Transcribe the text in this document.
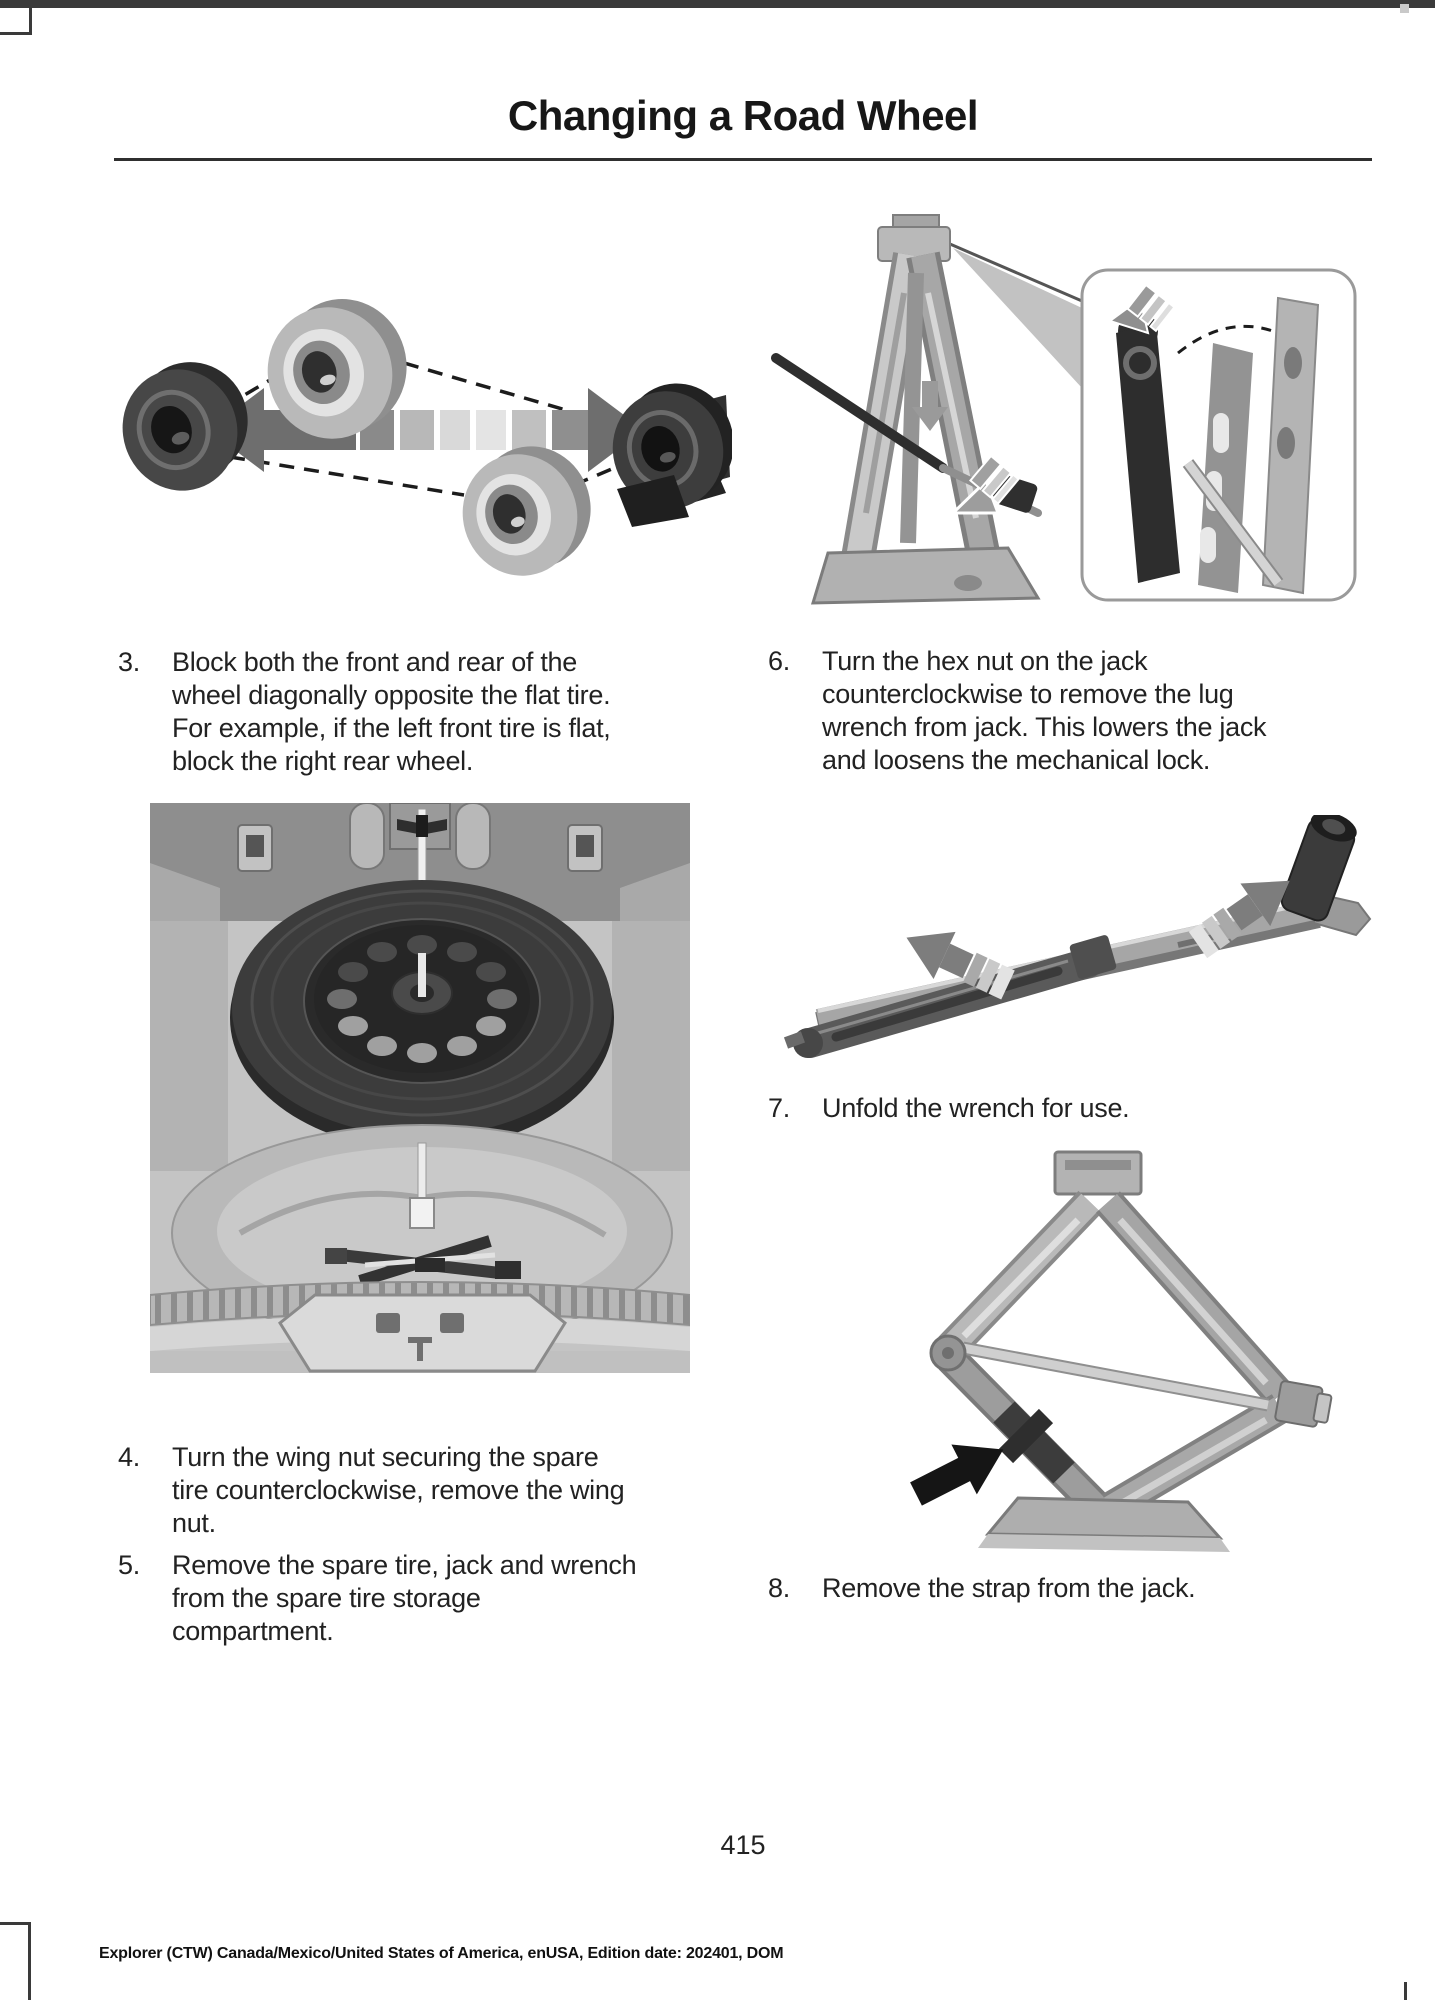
Changing a Road Wheel
3.	Block both the front and rear of the
wheel diagonally opposite the flat tire.
For example, if the left front tire is flat,
block the right rear wheel.
4.	Turn the wing nut securing the spare
tire counterclockwise, remove the wing
nut.
5.	Remove the spare tire, jack and wrench
from the spare tire storage
compartment.
6.	Turn the hex nut on the jack
counterclockwise to remove the lug
wrench from jack. This lowers the jack
and loosens the mechanical lock.
7.	Unfold the wrench for use.
8.	Remove the strap from the jack.
415
Explorer (CTW) Canada/Mexico/United States of America, enUSA, Edition date: 202401, DOM
